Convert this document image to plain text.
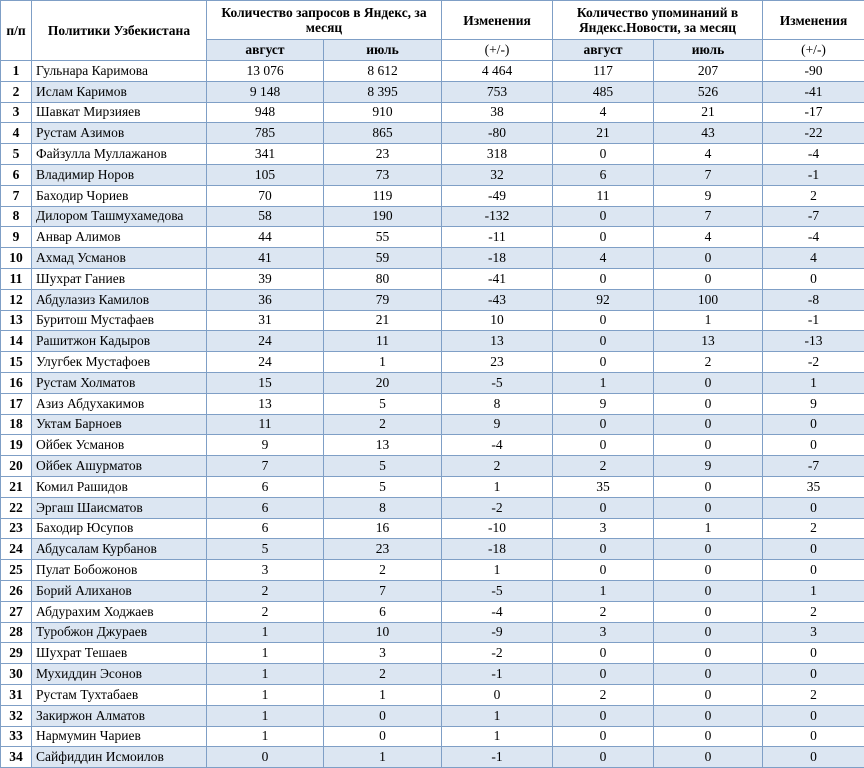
п/п	Политики Узбекистана	Количество запросов в Яндекс, за месяц		Изменения	Количество упоминаний в Яндекс.Новости, за месяц		Изменения
		август	июль	(+/-)	август	июль	(+/-)
1	Гульнара Каримова	13 076	8 612	4 464	117	207	-90
2	Ислам Каримов	9 148	8 395	753	485	526	-41
3	Шавкат Мирзияев	948	910	38	4	21	-17
4	Рустам Азимов	785	865	-80	21	43	-22
5	Файзулла Муллажанов	341	23	318	0	4	-4
6	Владимир Норов	105	73	32	6	7	-1
7	Баходир Чориев	70	119	-49	11	9	2
8	Дилором Ташмухамедова	58	190	-132	0	7	-7
9	Анвар Алимов	44	55	-11	0	4	-4
10	Ахмад Усманов	41	59	-18	4	0	4
11	Шухрат Ганиев	39	80	-41	0	0	0
12	Абдулазиз Камилов	36	79	-43	92	100	-8
13	Буритош Мустафаев	31	21	10	0	1	-1
14	Рашитжон Кадыров	24	11	13	0	13	-13
15	Улугбек Мустафоев	24	1	23	0	2	-2
16	Рустам Холматов	15	20	-5	1	0	1
17	Азиз Абдухакимов	13	5	8	9	0	9
18	Уктам Барноев	11	2	9	0	0	0
19	Ойбек Усманов	9	13	-4	0	0	0
20	Ойбек Ашурматов	7	5	2	2	9	-7
21	Комил Рашидов	6	5	1	35	0	35
22	Эргаш Шаисматов	6	8	-2	0	0	0
23	Баходир Юсупов	6	16	-10	3	1	2
24	Абдусалам Курбанов	5	23	-18	0	0	0
25	Пулат Бобожонов	3	2	1	0	0	0
26	Борий Алиханов	2	7	-5	1	0	1
27	Абдурахим Ходжаев	2	6	-4	2	0	2
28	Туробжон Джураев	1	10	-9	3	0	3
29	Шухрат Тешаев	1	3	-2	0	0	0
30	Мухиддин Эсонов	1	2	-1	0	0	0
31	Рустам Тухтабаев	1	1	0	2	0	2
32	Закиржон Алматов	1	0	1	0	0	0
33	Нармумин Чариев	1	0	1	0	0	0
34	Сайфиддин Исмоилов	0	1	-1	0	0	0
